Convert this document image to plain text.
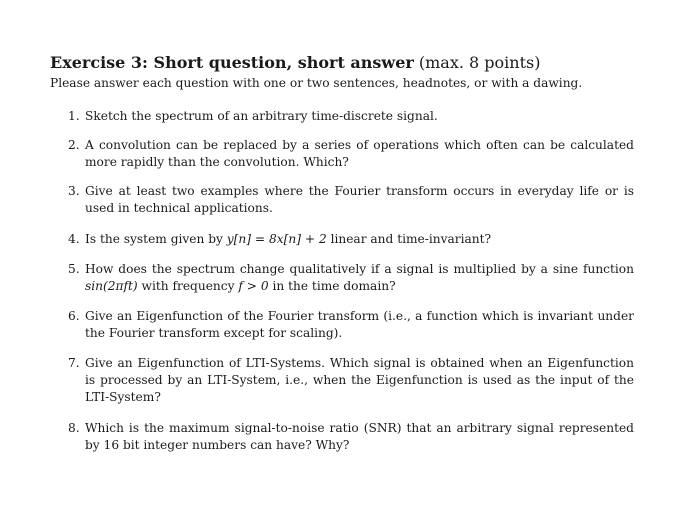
Exercise 3: Short question, short answer (max. 8 points)
Please answer each question with one or two sentences, headnotes, or with a dawing.
1. Sketch the spectrum of an arbitrary time-discrete signal.
2. A convolution can be replaced by a series of operations which often can be calculated more rapidly than the convolution. Which?
3. Give at least two examples where the Fourier transform occurs in everyday life or is used in technical applications.
4. Is the system given by y[n] = 8x[n] + 2 linear and time-invariant?
5. How does the spectrum change qualitatively if a signal is multiplied by a sine function sin(2πft) with frequency f > 0 in the time domain?
6. Give an Eigenfunction of the Fourier transform (i.e., a function which is invariant under the Fourier transform except for scaling).
7. Give an Eigenfunction of LTI-Systems. Which signal is obtained when an Eigenfunction is processed by an LTI-System, i.e., when the Eigenfunction is used as the input of the LTI-System?
8. Which is the maximum signal-to-noise ratio (SNR) that an arbitrary signal represented by 16 bit integer numbers can have? Why?
